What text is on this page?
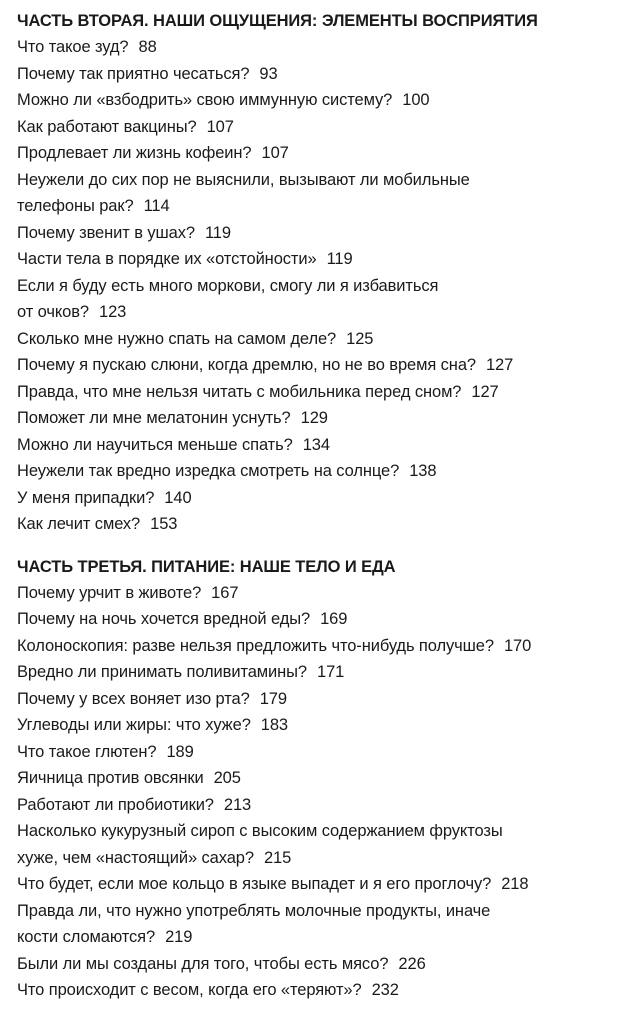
ЧАСТЬ ВТОРАЯ. НАШИ ОЩУЩЕНИЯ: ЭЛЕМЕНТЫ ВОСПРИЯТИЯ
Что такое зуд? 88
Почему так приятно чесаться? 93
Можно ли «взбодрить» свою иммунную систему? 100
Как работают вакцины? 107
Продлевает ли жизнь кофеин? 107
Неужели до сих пор не выяснили, вызывают ли мобильные
телефоны рак? 114
Почему звенит в ушах? 119
Части тела в порядке их «отстойности» 119
Если я буду есть много моркови, смогу ли я избавиться
от очков? 123
Сколько мне нужно спать на самом деле? 125
Почему я пускаю слюни, когда дремлю, но не во время сна? 127
Правда, что мне нельзя читать с мобильника перед сном? 127
Поможет ли мне мелатонин уснуть? 129
Можно ли научиться меньше спать? 134
Неужели так вредно изредка смотреть на солнце? 138
У меня припадки? 140
Как лечит смех? 153
ЧАСТЬ ТРЕТЬЯ. ПИТАНИЕ: НАШЕ ТЕЛО И ЕДА
Почему урчит в животе? 167
Почему на ночь хочется вредной еды? 169
Колоноскопия: разве нельзя предложить что-нибудь получше? 170
Вредно ли принимать поливитамины? 171
Почему у всех воняет изо рта? 179
Углеводы или жиры: что хуже? 183
Что такое глютен? 189
Яичница против овсянки 205
Работают ли пробиотики? 213
Насколько кукурузный сироп с высоким содержанием фруктозы
хуже, чем «настоящий» сахар? 215
Что будет, если мое кольцо в языке выпадет и я его проглочу? 218
Правда ли, что нужно употреблять молочные продукты, иначе
кости сломаются? 219
Были ли мы созданы для того, чтобы есть мясо? 226
Что происходит с весом, когда его «теряют»? 232
